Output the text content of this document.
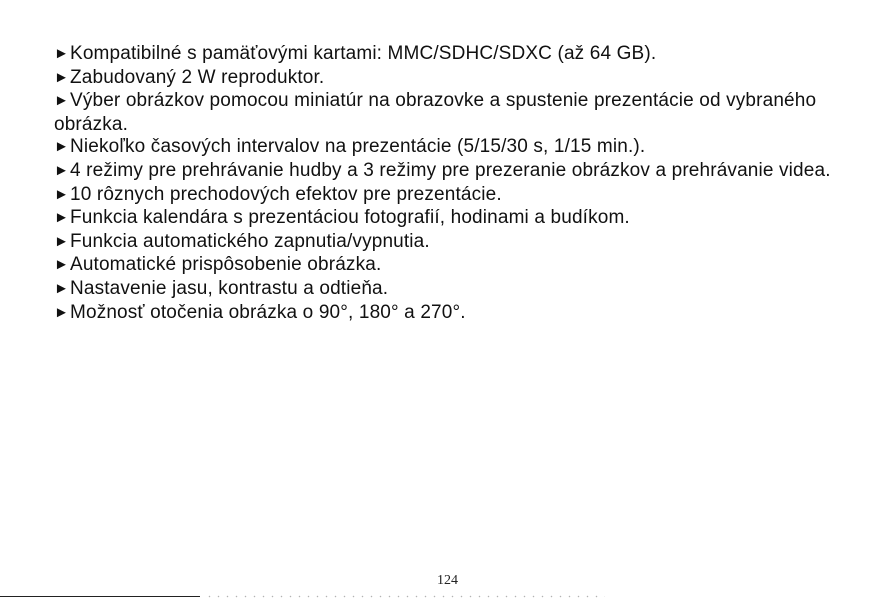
►Kompatibilné s pamäťovými kartami: MMC/SDHC/SDXC (až 64 GB).
►Zabudovaný 2 W reproduktor.
►Výber obrázkov pomocou miniatúr na obrazovke a spustenie prezentácie od vybraného obrázka.
►Niekoľko časových intervalov na prezentácie (5/15/30 s, 1/15 min.).
►4 režimy pre prehrávanie hudby a 3 režimy pre prezeranie obrázkov a prehrávanie videa.
►10 rôznych prechodových efektov pre prezentácie.
►Funkcia kalendára s prezentáciou fotografií, hodinami a budíkom.
►Funkcia automatického zapnutia/vypnutia.
►Automatické prispôsobenie obrázka.
►Nastavenie jasu, kontrastu a odtieňa.
►Možnosť otočenia obrázka o 90°, 180° a 270°.
124
